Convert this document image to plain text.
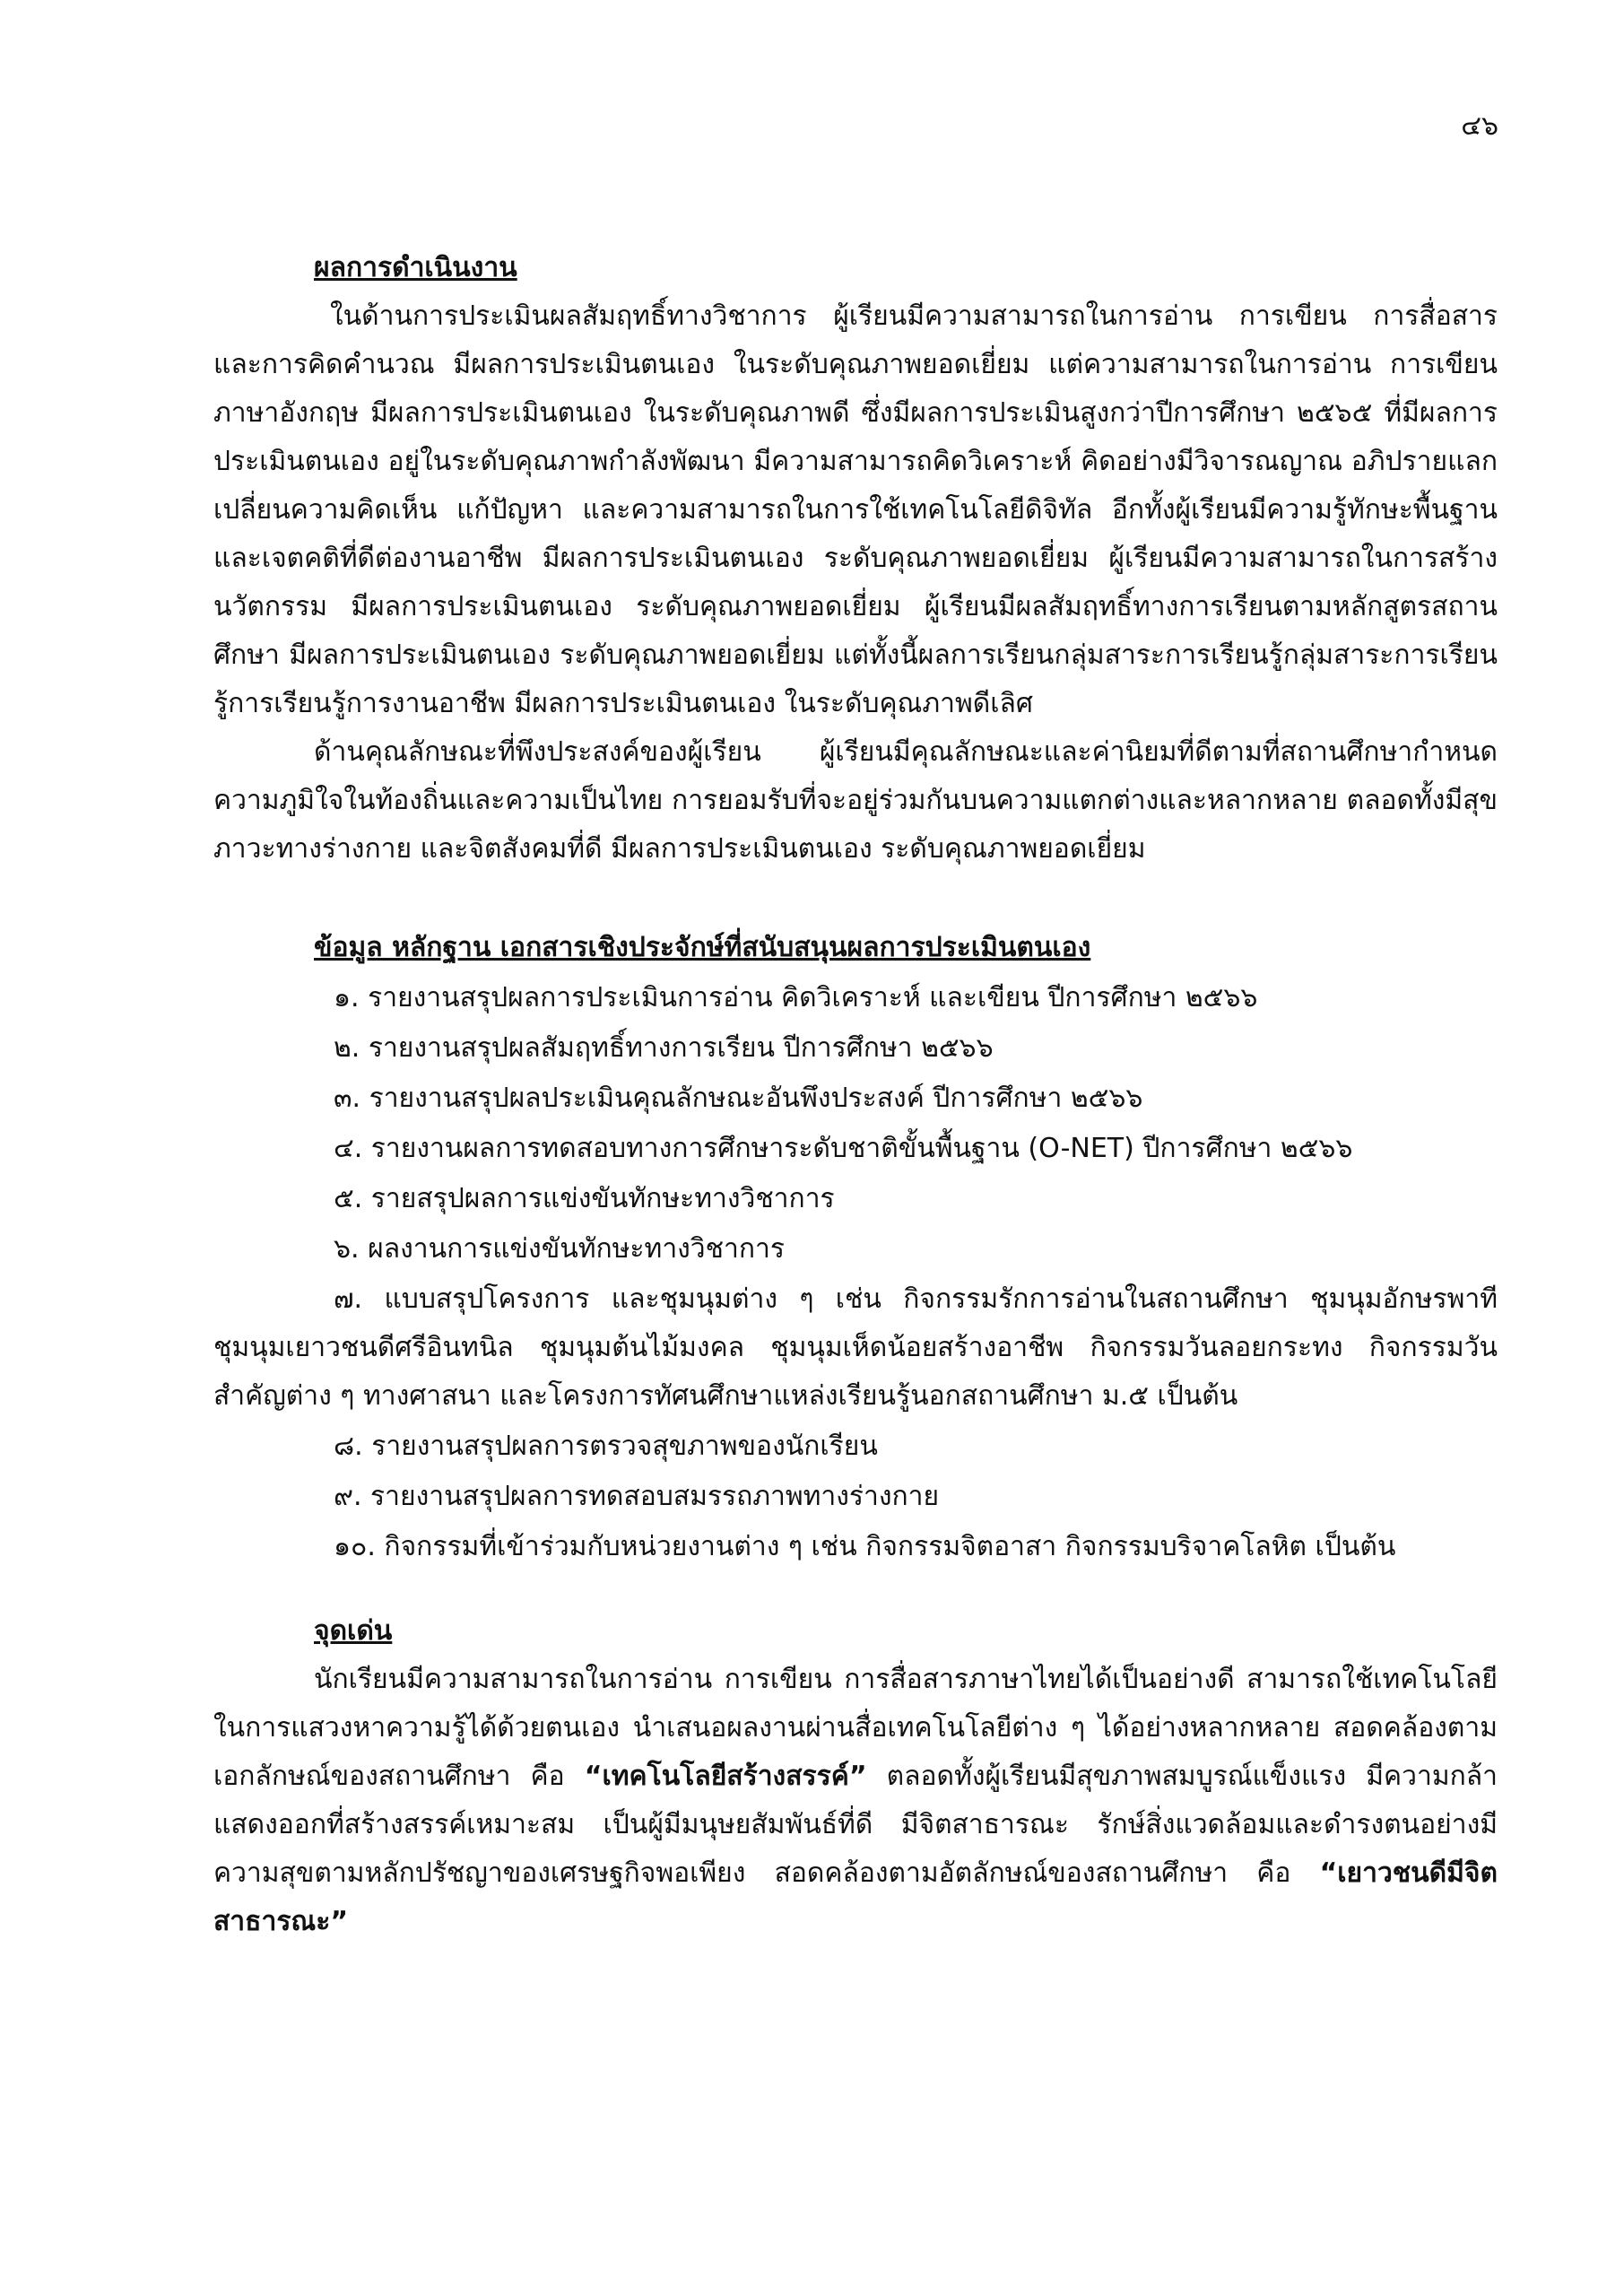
๔๖
ผลการดำเนินงาน

ในด้านการประเมินผลสัมฤทธิ์ทางวิชาการ ผู้เรียนมีความสามารถในการอ่าน การเขียน การสื่อสาร และการคิดคำนวณ มีผลการประเมินตนเอง ในระดับคุณภาพยอดเยี่ยม แต่ความสามารถในการอ่าน การเขียนภาษาอังกฤษ มีผลการประเมินตนเอง ในระดับคุณภาพดี ซึ่งมีผลการประเมินสูงกว่าปีการศึกษา ๒๕๖๕ ที่มีผลการประเมินตนเอง อยู่ในระดับคุณภาพกำลังพัฒนา มีความสามารถคิดวิเคราะห์ คิดอย่างมีวิจารณญาณ อภิปรายแลกเปลี่ยนความคิดเห็น แก้ปัญหา และความสามารถในการใช้เทคโนโลยีดิจิทัล อีกทั้งผู้เรียนมีความรู้ทักษะพื้นฐานและเจตคติที่ดีต่องานอาชีพ มีผลการประเมินตนเอง ระดับคุณภาพยอดเยี่ยม ผู้เรียนมีความสามารถในการสร้างนวัตกรรม มีผลการประเมินตนเอง ระดับคุณภาพยอดเยี่ยม ผู้เรียนมีผลสัมฤทธิ์ทางการเรียนตามหลักสูตรสถานศึกษา มีผลการประเมินตนเอง ระดับคุณภาพยอดเยี่ยม แต่ทั้งนี้ผลการเรียนกลุ่มสาระการเรียนรู้กลุ่มสาระการเรียนรู้การเรียนรู้การงานอาชีพ มีผลการประเมินตนเอง ในระดับคุณภาพดีเลิศ

ด้านคุณลักษณะที่พึงประสงค์ของผู้เรียน ผู้เรียนมีคุณลักษณะและค่านิยมที่ดีตามที่สถานศึกษากำหนด ความภูมิใจในท้องถิ่นและความเป็นไทย การยอมรับที่จะอยู่ร่วมกันบนความแตกต่างและหลากหลาย ตลอดทั้งมีสุขภาวะทางร่างกาย และจิตสังคมที่ดี มีผลการประเมินตนเอง ระดับคุณภาพยอดเยี่ยม

ข้อมูล หลักฐาน เอกสารเชิงประจักษ์ที่สนับสนุนผลการประเมินตนเอง
๑. รายงานสรุปผลการประเมินการอ่าน คิดวิเคราะห์ และเขียน ปีการศึกษา ๒๕๖๖
๒. รายงานสรุปผลสัมฤทธิ์ทางการเรียน ปีการศึกษา ๒๕๖๖
๓. รายงานสรุปผลประเมินคุณลักษณะอันพึงประสงค์ ปีการศึกษา ๒๕๖๖
๔. รายงานผลการทดสอบทางการศึกษาระดับชาติขั้นพื้นฐาน (O-NET) ปีการศึกษา ๒๕๖๖
๕. รายสรุปผลการแข่งขันทักษะทางวิชาการ
๖. ผลงานการแข่งขันทักษะทางวิชาการ
๗. แบบสรุปโครงการ และชุมนุมต่าง ๆ เช่น กิจกรรมรักการอ่านในสถานศึกษา ชุมนุมอักษรพาที ชุมนุมเยาวชนดีศรีอินทนิล ชุมนุมต้นไม้มงคล ชุมนุมเห็ดน้อยสร้างอาชีพ กิจกรรมวันลอยกระทง กิจกรรมวันสำคัญต่าง ๆ ทางศาสนา และโครงการทัศนศึกษาแหล่งเรียนรู้นอกสถานศึกษา ม.๕ เป็นต้น
๘. รายงานสรุปผลการตรวจสุขภาพของนักเรียน
๙. รายงานสรุปผลการทดสอบสมรรถภาพทางร่างกาย
๑๐. กิจกรรมที่เข้าร่วมกับหน่วยงานต่าง ๆ เช่น กิจกรรมจิตอาสา กิจกรรมบริจาคโลหิต เป็นต้น
จุดเด่น

นักเรียนมีความสามารถในการอ่าน การเขียน การสื่อสารภาษาไทยได้เป็นอย่างดี สามารถใช้เทคโนโลยีในการแสวงหาความรู้ได้ด้วยตนเอง นำเสนอผลงานผ่านสื่อเทคโนโลยีต่าง ๆ ได้อย่างหลากหลาย สอดคล้องตามเอกลักษณ์ของสถานศึกษา คือ “เทคโนโลยีสร้างสรรค์” ตลอดทั้งผู้เรียนมีสุขภาพสมบูรณ์แข็งแรง มีความกล้าแสดงออกที่สร้างสรรค์เหมาะสม เป็นผู้มีมนุษยสัมพันธ์ที่ดี มีจิตสาธารณะ รักษ์สิ่งแวดล้อมและดำรงตนอย่างมีความสุขตามหลักปรัชญาของเศรษฐกิจพอเพียง สอดคล้องตามอัตลักษณ์ของสถานศึกษา คือ “เยาวชนดีมีจิตสาธารณะ”
